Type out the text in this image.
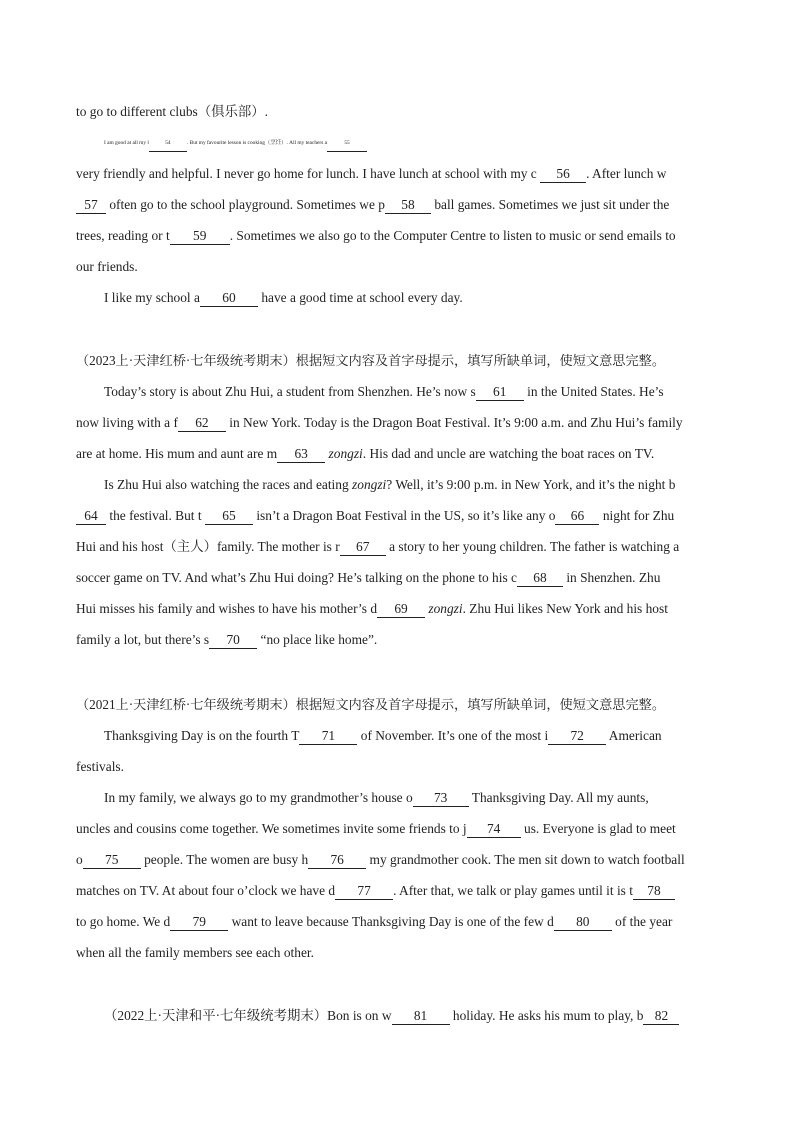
to go to different clubs（俱乐部）.
I am good at all my l	54	. But my favourite lesson is cooking（烹饪）. All my teachers a	55
very friendly and helpful. I never go home for lunch. I have lunch at school with my c 56 . After lunch w
57 often go to the school playground. Sometimes we p 58 ball games. Sometimes we just sit under the
trees, reading or t 59 . Sometimes we also go to the Computer Centre to listen to music or send emails to
our friends.
I like my school a 60 have a good time at school every day.
（2023上·天津红桥·七年级统考期末）根据短文内容及首字母提示，填写所缺单词，使短文意思完整。
Today’s story is about Zhu Hui, a student from Shenzhen. He’s now s 61 in the United States. He’s
now living with a f 62 in New York. Today is the Dragon Boat Festival. It’s 9:00 a.m. and Zhu Hui’s family
are at home. His mum and aunt are m 63 zongzi. His dad and uncle are watching the boat races on TV.
Is Zhu Hui also watching the races and eating zongzi? Well, it’s 9:00 p.m. in New York, and it’s the night b
64 the festival. But t 65 isn’t a Dragon Boat Festival in the US, so it’s like any o 66 night for Zhu
Hui and his host（主人）family. The mother is r 67 a story to her young children. The father is watching a
soccer game on TV. And what’s Zhu Hui doing? He’s talking on the phone to his c 68 in Shenzhen. Zhu
Hui misses his family and wishes to have his mother’s d 69 zongzi. Zhu Hui likes New York and his host
family a lot, but there’s s 70 “no place like home”.
（2021上·天津红桥·七年级统考期末）根据短文内容及首字母提示，填写所缺单词，使短文意思完整。
Thanksgiving Day is on the fourth T 71 of November. It’s one of the most i 72 American
festivals.
In my family, we always go to my grandmother’s house o 73 Thanksgiving Day. All my aunts,
uncles and cousins come together. We sometimes invite some friends to j 74 us. Everyone is glad to meet
o 75 people. The women are busy h 76 my grandmother cook. The men sit down to watch football
matches on TV. At about four o’clock we have d 77 . After that, we talk or play games until it is t 78
to go home. We d 79 want to leave because Thanksgiving Day is one of the few d 80 of the year
when all the family members see each other.
（2022上·天津和平·七年级统考期末）Bon is on w 81 holiday. He asks his mum to play, b 82
